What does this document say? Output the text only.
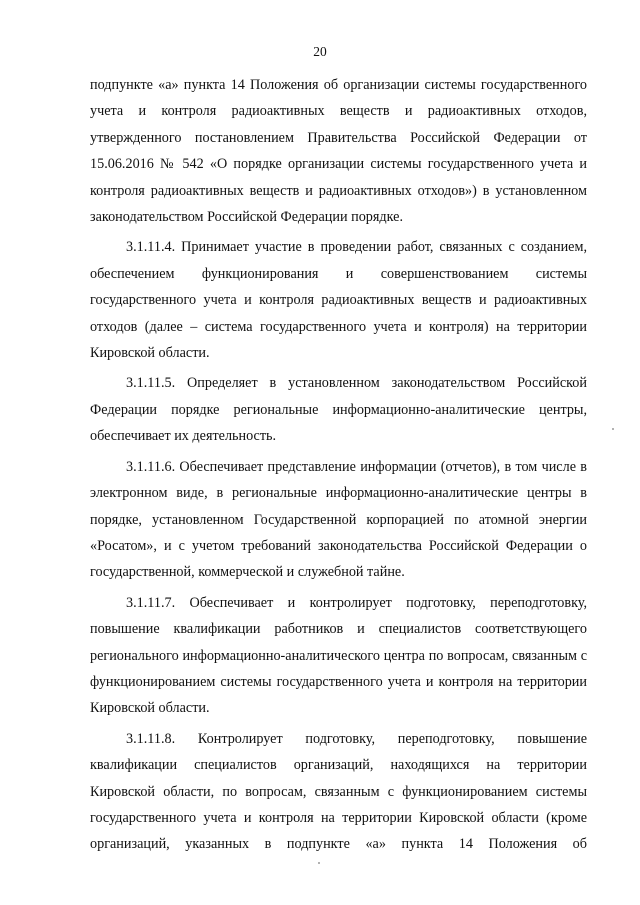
20

подпункте «а» пункта 14 Положения об организации системы государственного учета и контроля радиоактивных веществ и радиоактивных отходов, утвержденного постановлением Правительства Российской Федерации от 15.06.2016 № 542 «О порядке организации системы государственного учета и контроля радиоактивных веществ и радиоактивных отходов») в установленном законодательством Российской Федерации порядке.

3.1.11.4. Принимает участие в проведении работ, связанных с созданием, обеспечением функционирования и совершенствованием системы государственного учета и контроля радиоактивных веществ и радиоактивных отходов (далее – система государственного учета и контроля) на территории Кировской области.

3.1.11.5. Определяет в установленном законодательством Российской Федерации порядке региональные информационно-аналитические центры, обеспечивает их деятельность.

3.1.11.6. Обеспечивает представление информации (отчетов), в том числе в электронном виде, в региональные информационно-аналитические центры в порядке, установленном Государственной корпорацией по атомной энергии «Росатом», и с учетом требований законодательства Российской Федерации о государственной, коммерческой и служебной тайне.

3.1.11.7. Обеспечивает и контролирует подготовку, переподготовку, повышение квалификации работников и специалистов соответствующего регионального информационно-аналитического центра по вопросам, связанным с функционированием системы государственного учета и контроля на территории Кировской области.

3.1.11.8. Контролирует подготовку, переподготовку, повышение квалификации специалистов организаций, находящихся на территории Кировской области, по вопросам, связанным с функционированием системы государственного учета и контроля на территории Кировской области (кроме организаций, указанных в подпункте «а» пункта 14 Положения об
